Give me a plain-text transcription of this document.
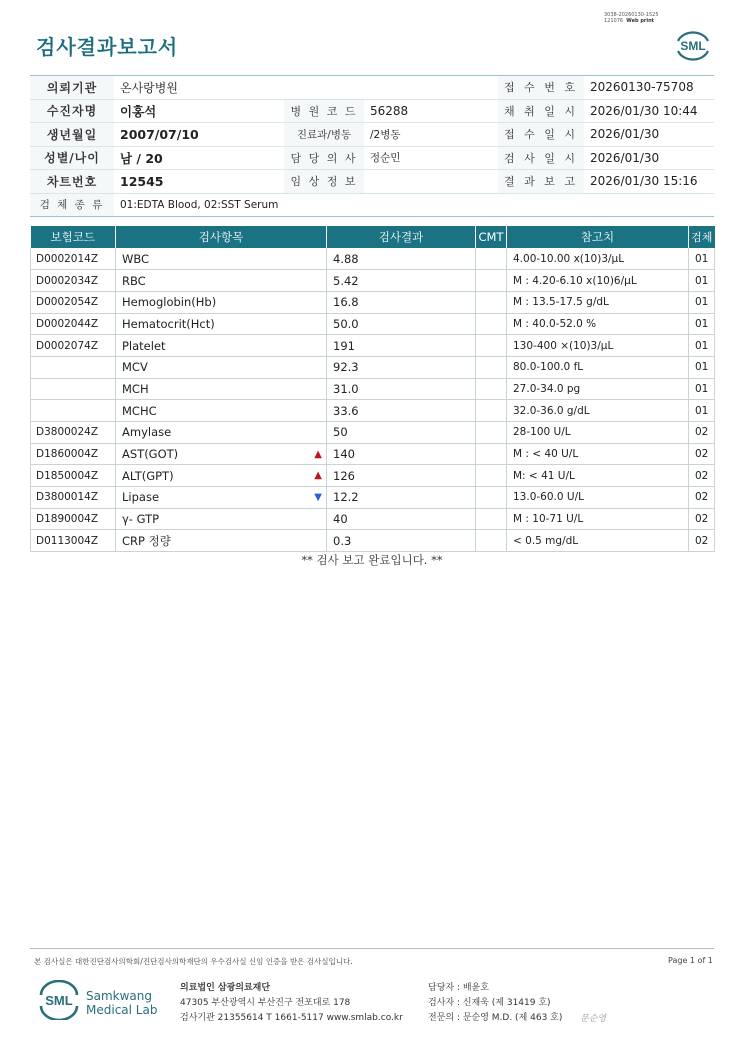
3038-20260130-1525
121076 Web print
검사결과보고서	SML
의뢰기관	온사랑병원			접 수 번 호	20260130-75708
수진자명	이홍석	병 원 코 드	56288	채 취 일 시	2026/01/30 10:44
생년월일	2007/07/10	진료과/병동	/2병동	접 수 일 시	2026/01/30
성별/나이	남 / 20	담 당 의 사	정순민	검 사 일 시	2026/01/30
차트번호	12545	임 상 정 보		결 과 보 고	2026/01/30 15:16
검 체 종 류	01:EDTA Blood, 02:SST Serum				
보험코드	검사항목	검사결과	CMT	참고치	검체
D0002014Z	WBC	4.88		4.00-10.00 x(10)3/µL	01
D0002034Z	RBC	5.42		M : 4.20-6.10 x(10)6/µL	01
D0002054Z	Hemoglobin(Hb)	16.8		M : 13.5-17.5 g/dL	01
D0002044Z	Hematocrit(Hct)	50.0		M : 40.0-52.0 %	01
D0002074Z	Platelet	191		130-400 ×(10)3/µL	01
	MCV	92.3		80.0-100.0 fL	01
	MCH	31.0		27.0-34.0 pg	01
	MCHC	33.6		32.0-36.0 g/dL	01
D3800024Z	Amylase	50		28-100 U/L	02
D1860004Z	AST(GOT) ▲	140		M : < 40 U/L	02
D1850004Z	ALT(GPT) ▲	126		M: < 41 U/L	02
D3800014Z	Lipase ▼	12.2		13.0-60.0 U/L	02
D1890004Z	γ- GTP	40		M : 10-71 U/L	02
D0113004Z	CRP 정량	0.3		< 0.5 mg/dL	02
** 검사 보고 완료입니다. **
본 검사실은 대한진단검사의학회/진단검사의학재단의 우수검사실 신임 인증을 받은 검사실입니다.	Page 1 of 1
SML Samkwang
Medical Lab
의료법인 삼광의료재단
47305 부산광역시 부산진구 전포대로 178
검사기관 21355614 T 1661-5117 www.smlab.co.kr
담당자 : 배윤호
검사자 : 신재욱 (제 31419 호)
전문의 : 문순영 M.D. (제 463 호) 문순영
